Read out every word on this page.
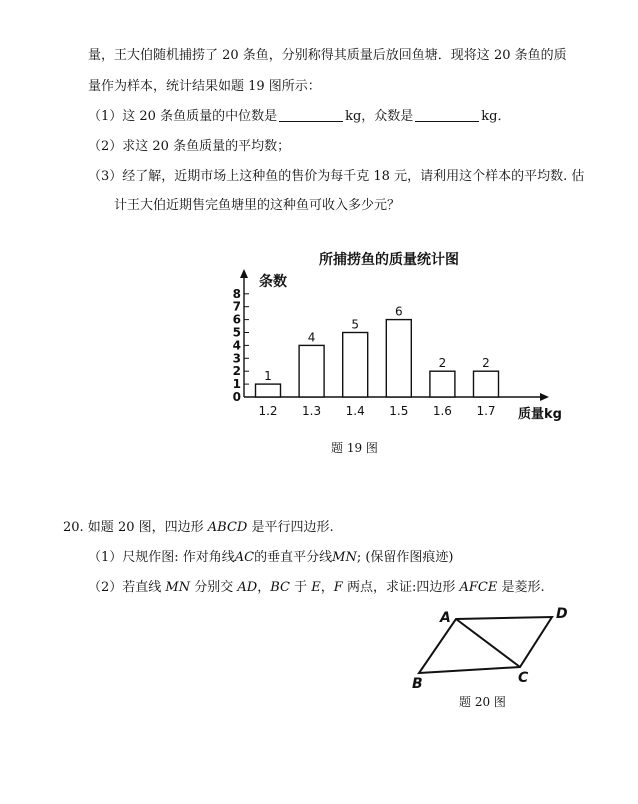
量，王大伯随机捕捞了 20 条鱼，分别称得其质量后放回鱼塘．现将这 20 条鱼的质
量作为样本，统计结果如题 19 图所示：
（1）这 20 条鱼质量的中位数是	kg，众数是	kg．
（2）求这 20 条鱼质量的平均数；
（3）经了解，近期市场上这种鱼的售价为每千克 18 元，请利用这个样本的平均数. 估
计王大伯近期售完鱼塘里的这种鱼可收入多少元？
所捕捞鱼的质量统计图
条数
质量kg
0
1
2
3
4
5
6
7
8
1
1.2
4
1.3
5
1.4
6
1.5
2
1.6
2
1.7
题 19 图
20. 如题 20 图，四边形 ABCD 是平行四边形.
（1）尺规作图: 作对角线AC的垂直平分线MN; (保留作图痕迹)
（2）若直线 MN 分别交 AD，BC 于 E，F 两点，求证:四边形 AFCE 是菱形.
A	D
B	C
题 20 图
